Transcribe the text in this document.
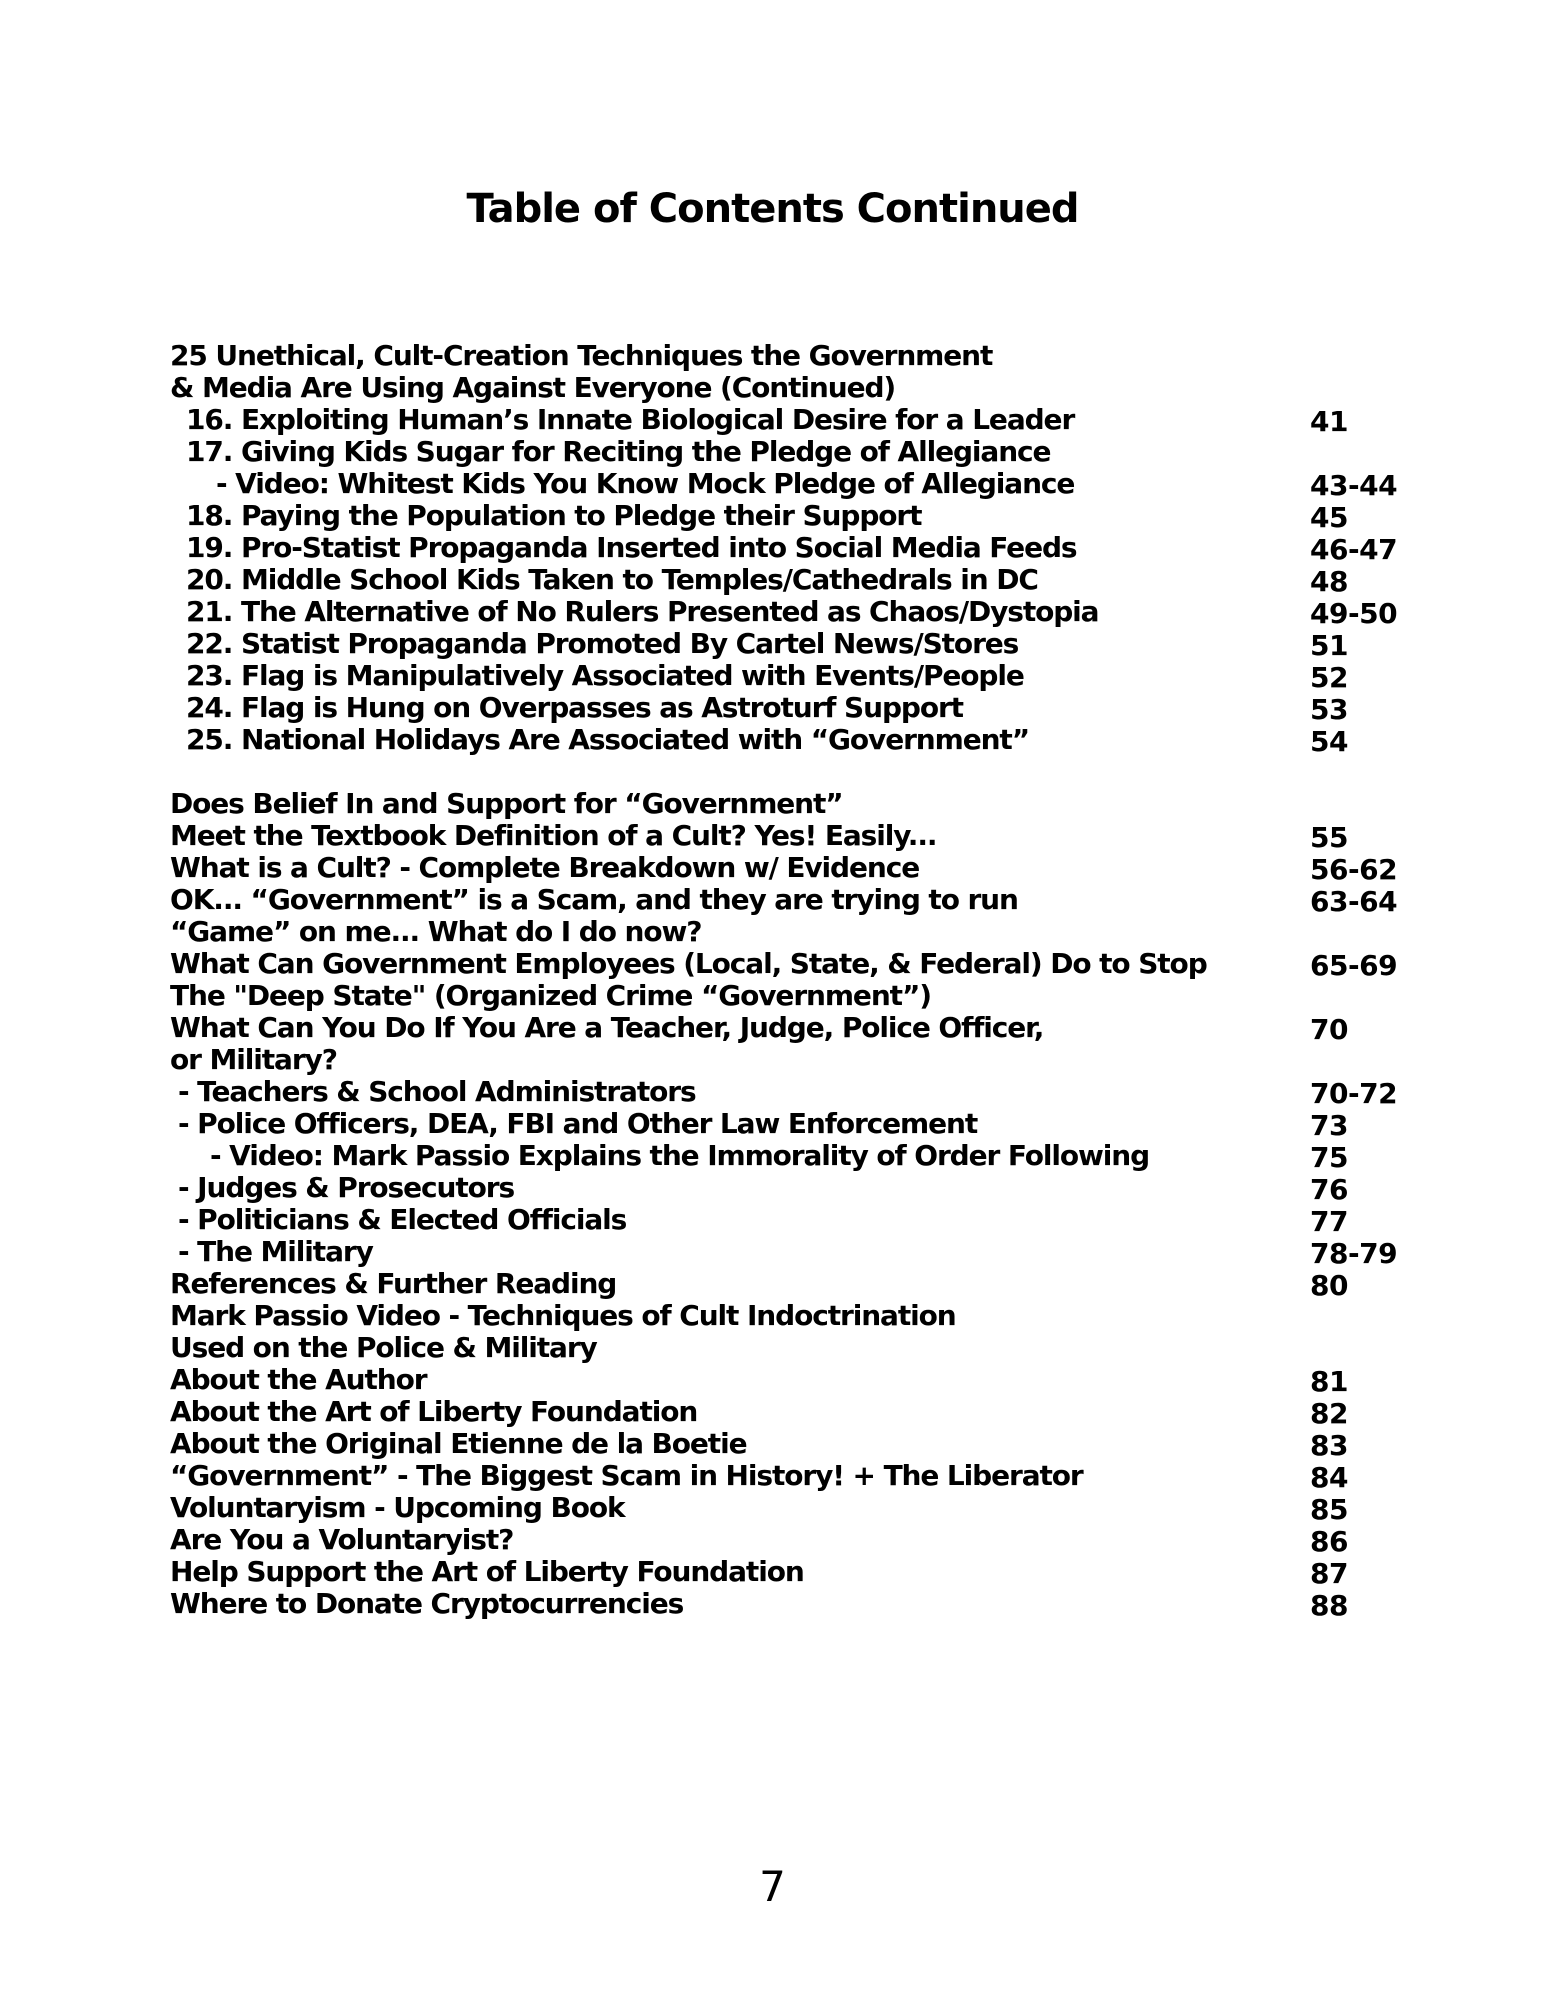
Table of Contents Continued
25 Unethical, Cult-Creation Techniques the Government
& Media Are Using Against Everyone (Continued)
16. Exploiting Human’s Innate Biological Desire for a Leader	41
17. Giving Kids Sugar for Reciting the Pledge of Allegiance
- Video: Whitest Kids You Know Mock Pledge of Allegiance	43-44
18. Paying the Population to Pledge their Support	45
19. Pro-Statist Propaganda Inserted into Social Media Feeds	46-47
20. Middle School Kids Taken to Temples/Cathedrals in DC	48
21. The Alternative of No Rulers Presented as Chaos/Dystopia	49-50
22. Statist Propaganda Promoted By Cartel News/Stores	51
23. Flag is Manipulatively Associated with Events/People	52
24. Flag is Hung on Overpasses as Astroturf Support	53
25. National Holidays Are Associated with “Government”	54
Does Belief In and Support for “Government”
Meet the Textbook Definition of a Cult? Yes! Easily...	55
What is a Cult? - Complete Breakdown w/ Evidence	56-62
OK... “Government” is a Scam, and they are trying to run	63-64
“Game” on me... What do I do now?
What Can Government Employees (Local, State, & Federal) Do to Stop	65-69
The "Deep State" (Organized Crime “Government”)
What Can You Do If You Are a Teacher, Judge, Police Officer,	70
or Military?
- Teachers & School Administrators	70-72
- Police Officers, DEA, FBI and Other Law Enforcement	73
- Video: Mark Passio Explains the Immorality of Order Following	75
- Judges & Prosecutors	76
- Politicians & Elected Officials	77
- The Military	78-79
References & Further Reading	80
Mark Passio Video - Techniques of Cult Indoctrination
Used on the Police & Military
About the Author	81
About the Art of Liberty Foundation	82
About the Original Etienne de la Boetie	83
“Government” - The Biggest Scam in History! + The Liberator	84
Voluntaryism - Upcoming Book	85
Are You a Voluntaryist?	86
Help Support the Art of Liberty Foundation	87
Where to Donate Cryptocurrencies	88
7
